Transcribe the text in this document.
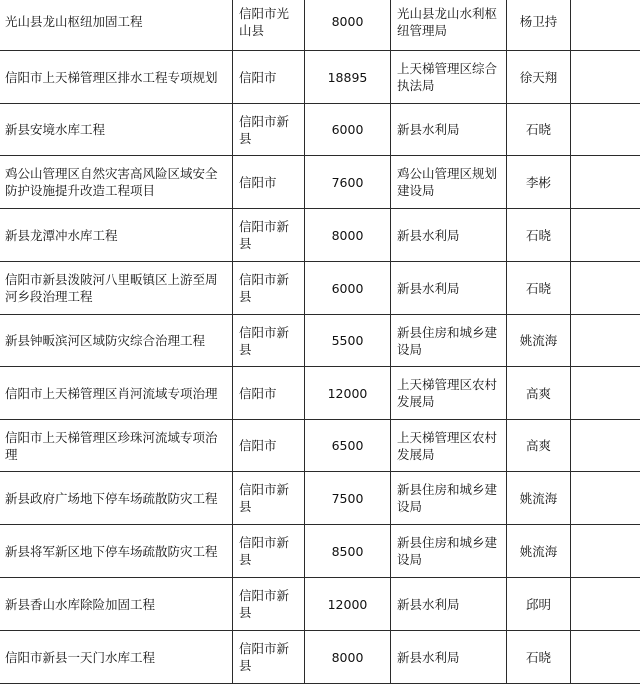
光山县龙山枢纽加固工程	信阳市光山县	8000	光山县龙山水利枢纽管理局	杨卫持	
信阳市上天梯管理区排水工程专项规划	信阳市	18895	上天梯管理区综合执法局	徐天翔	
新县安境水库工程	信阳市新县	6000	新县水利局	石晓	
鸡公山管理区自然灾害高风险区域安全防护设施提升改造工程项目	信阳市	7600	鸡公山管理区规划建设局	李彬	
新县龙潭冲水库工程	信阳市新县	8000	新县水利局	石晓	
信阳市新县泼陂河八里畈镇区上游至周河乡段治理工程	信阳市新县	6000	新县水利局	石晓	
新县钟畈滨河区域防灾综合治理工程	信阳市新县	5500	新县住房和城乡建设局	姚流海	
信阳市上天梯管理区肖河流域专项治理	信阳市	12000	上天梯管理区农村发展局	高爽	
信阳市上天梯管理区珍珠河流域专项治理	信阳市	6500	上天梯管理区农村发展局	高爽	
新县政府广场地下停车场疏散防灾工程	信阳市新县	7500	新县住房和城乡建设局	姚流海	
新县将军新区地下停车场疏散防灾工程	信阳市新县	8500	新县住房和城乡建设局	姚流海	
新县香山水库除险加固工程	信阳市新县	12000	新县水利局	邱明	
信阳市新县一天门水库工程	信阳市新县	8000	新县水利局	石晓	
